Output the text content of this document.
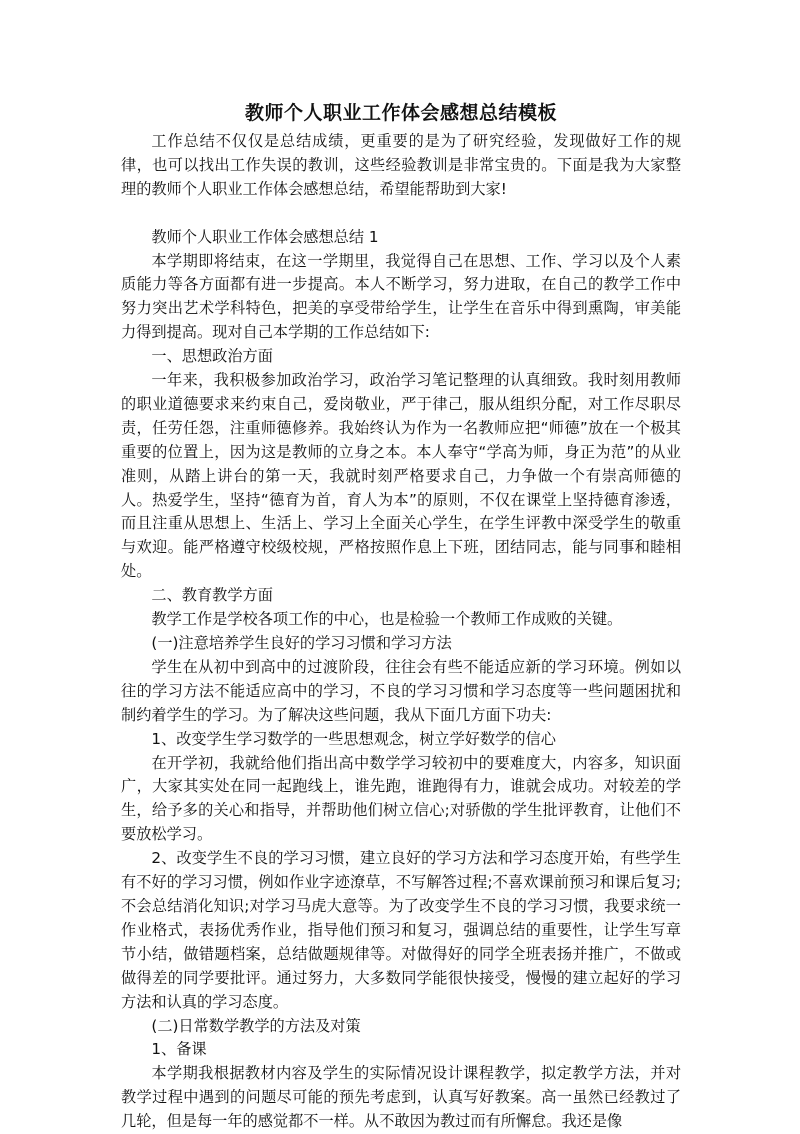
教师个人职业工作体会感想总结模板

工作总结不仅仅是总结成绩，更重要的是为了研究经验，发现做好工作的规律，也可以找出工作失误的教训，这些经验教训是非常宝贵的。下面是我为大家整理的教师个人职业工作体会感想总结，希望能帮助到大家!

教师个人职业工作体会感想总结 1

本学期即将结束，在这一学期里，我觉得自己在思想、工作、学习以及个人素质能力等各方面都有进一步提高。本人不断学习，努力进取，在自己的教学工作中努力突出艺术学科特色，把美的享受带给学生，让学生在音乐中得到熏陶，审美能力得到提高。现对自己本学期的工作总结如下:

一、思想政治方面

一年来，我积极参加政治学习，政治学习笔记整理的认真细致。我时刻用教师的职业道德要求来约束自己，爱岗敬业，严于律己，服从组织分配，对工作尽职尽责，任劳任怨，注重师德修养。我始终认为作为一名教师应把“师德”放在一个极其重要的位置上，因为这是教师的立身之本。本人奉守“学高为师，身正为范”的从业准则，从踏上讲台的第一天，我就时刻严格要求自己，力争做一个有崇高师德的人。热爱学生，坚持“德育为首，育人为本”的原则，不仅在课堂上坚持德育渗透，而且注重从思想上、生活上、学习上全面关心学生，在学生评教中深受学生的敬重与欢迎。能严格遵守校级校规，严格按照作息上下班，团结同志，能与同事和睦相处。

二、教育教学方面

教学工作是学校各项工作的中心，也是检验一个教师工作成败的关键。

(一)注意培养学生良好的学习习惯和学习方法

学生在从初中到高中的过渡阶段，往往会有些不能适应新的学习环境。例如以往的学习方法不能适应高中的学习，不良的学习习惯和学习态度等一些问题困扰和制约着学生的学习。为了解决这些问题，我从下面几方面下功夫:

1、改变学生学习数学的一些思想观念，树立学好数学的信心

在开学初，我就给他们指出高中数学学习较初中的要难度大，内容多，知识面广，大家其实处在同一起跑线上，谁先跑，谁跑得有力，谁就会成功。对较差的学生，给予多的关心和指导，并帮助他们树立信心;对骄傲的学生批评教育，让他们不要放松学习。

2、改变学生不良的学习习惯，建立良好的学习方法和学习态度开始，有些学生有不好的学习习惯，例如作业字迹潦草，不写解答过程;不喜欢课前预习和课后复习;不会总结消化知识;对学习马虎大意等。为了改变学生不良的学习习惯，我要求统一作业格式，表扬优秀作业，指导他们预习和复习，强调总结的重要性，让学生写章节小结，做错题档案，总结做题规律等。对做得好的同学全班表扬并推广，不做或做得差的同学要批评。通过努力，大多数同学能很快接受，慢慢的建立起好的学习方法和认真的学习态度。

(二)日常数学教学的方法及对策

1、备课

本学期我根据教材内容及学生的实际情况设计课程教学，拟定教学方法，并对教学过程中遇到的问题尽可能的预先考虑到，认真写好教案。高一虽然已经教过了几轮，但是每一年的感觉都不一样。从不敢因为教过而有所懈怠。我还是像
